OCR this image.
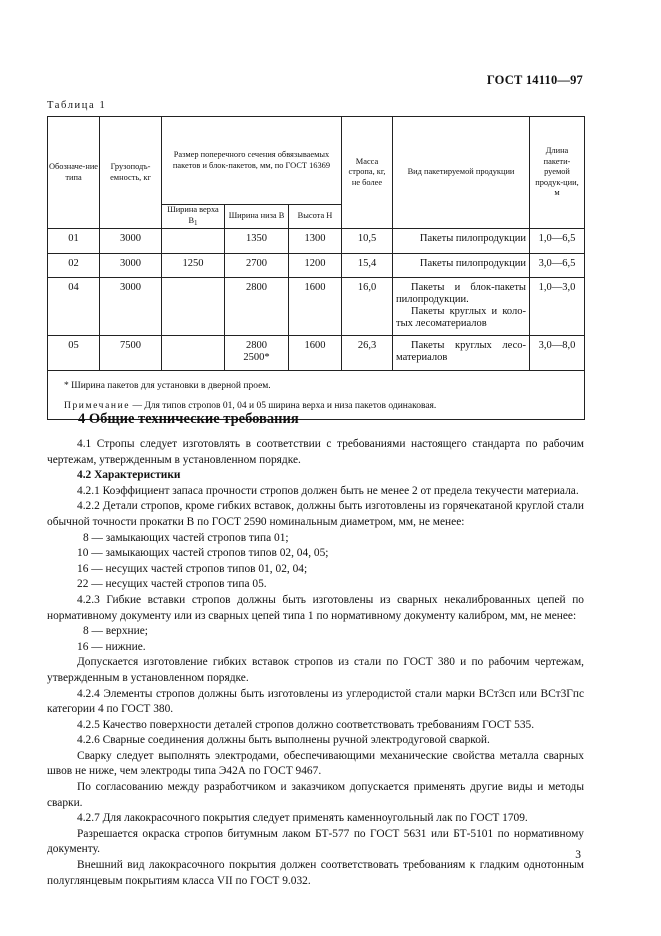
ГОСТ 14110—97
Таблица 1
Обозначе-ние типа	Грузоподъ-емность, кг	Размер поперечного сечения обвязываемых пакетов и блок-пакетов, мм, по ГОСТ 16369			Масса стропа, кг, не более	Вид пакетируемой продукции	Длина пакети-руемой продук-ции, м
		Ширина верха $B_1$	Ширина низа B	Высота H			
01	3000		1350	1300	10,5	Пакеты пилопродукции	1,0—6,5
02	3000	1250	2700	1200	15,4	Пакеты пилопродукции	3,0—6,5
04	3000		2800	1600	16,0	Пакеты и блок-пакеты
пилопродукции.
Пакеты круглых и коло-
тых лесоматериалов	1,0—3,0
05	7500		2800
2500*	1600	26,3	Пакеты круглых лесо-
материалов	3,0—8,0

* Ширина пакетов для установки в дверной проем.
Примечание — Для типов стропов 01, 04 и 05 ширина верха и низа пакетов одинаковая.							
4 Общие технические требования

4.1 Стропы следует изготовлять в соответствии с требованиями настоящего стандарта по рабочим чертежам, утвержденным в установленном порядке.

4.2 Характеристики

4.2.1 Коэффициент запаса прочности стропов должен быть не менее 2 от предела текучести материала.

4.2.2 Детали стропов, кроме гибких вставок, должны быть изготовлены из горячекатаной круглой стали обычной точности прокатки В по ГОСТ 2590 номинальным диаметром, мм, не менее:

8 — замыкающих частей стропов типа 01;

10 — замыкающих частей стропов типов 02, 04, 05;

16 — несущих частей стропов типов 01, 02, 04;

22 — несущих частей стропов типа 05.

4.2.3 Гибкие вставки стропов должны быть изготовлены из сварных некалиброванных цепей по нормативному документу или из сварных цепей типа 1 по нормативному документу калибром, мм, не менее:

8 — верхние;

16 — нижние.

Допускается изготовление гибких вставок стропов из стали по ГОСТ 380 и по рабочим чертежам, утвержденным в установленном порядке.

4.2.4 Элементы стропов должны быть изготовлены из углеродистой стали марки ВСт3сп или ВСт3Гпс категории 4 по ГОСТ 380.

4.2.5 Качество поверхности деталей стропов должно соответствовать требованиям ГОСТ 535.

4.2.6 Сварные соединения должны быть выполнены ручной электродуговой сваркой.

Сварку следует выполнять электродами, обеспечивающими механические свойства металла сварных швов не ниже, чем электроды типа Э42А по ГОСТ 9467.

По согласованию между разработчиком и заказчиком допускается применять другие виды и методы сварки.

4.2.7 Для лакокрасочного покрытия следует применять каменноугольный лак по ГОСТ 1709.

Разрешается окраска стропов битумным лаком БТ-577 по ГОСТ 5631 или БТ-5101 по нормативному документу.

Внешний вид лакокрасочного покрытия должен соответствовать требованиям к гладким однотонным полуглянцевым покрытиям класса VII по ГОСТ 9.032.

3
